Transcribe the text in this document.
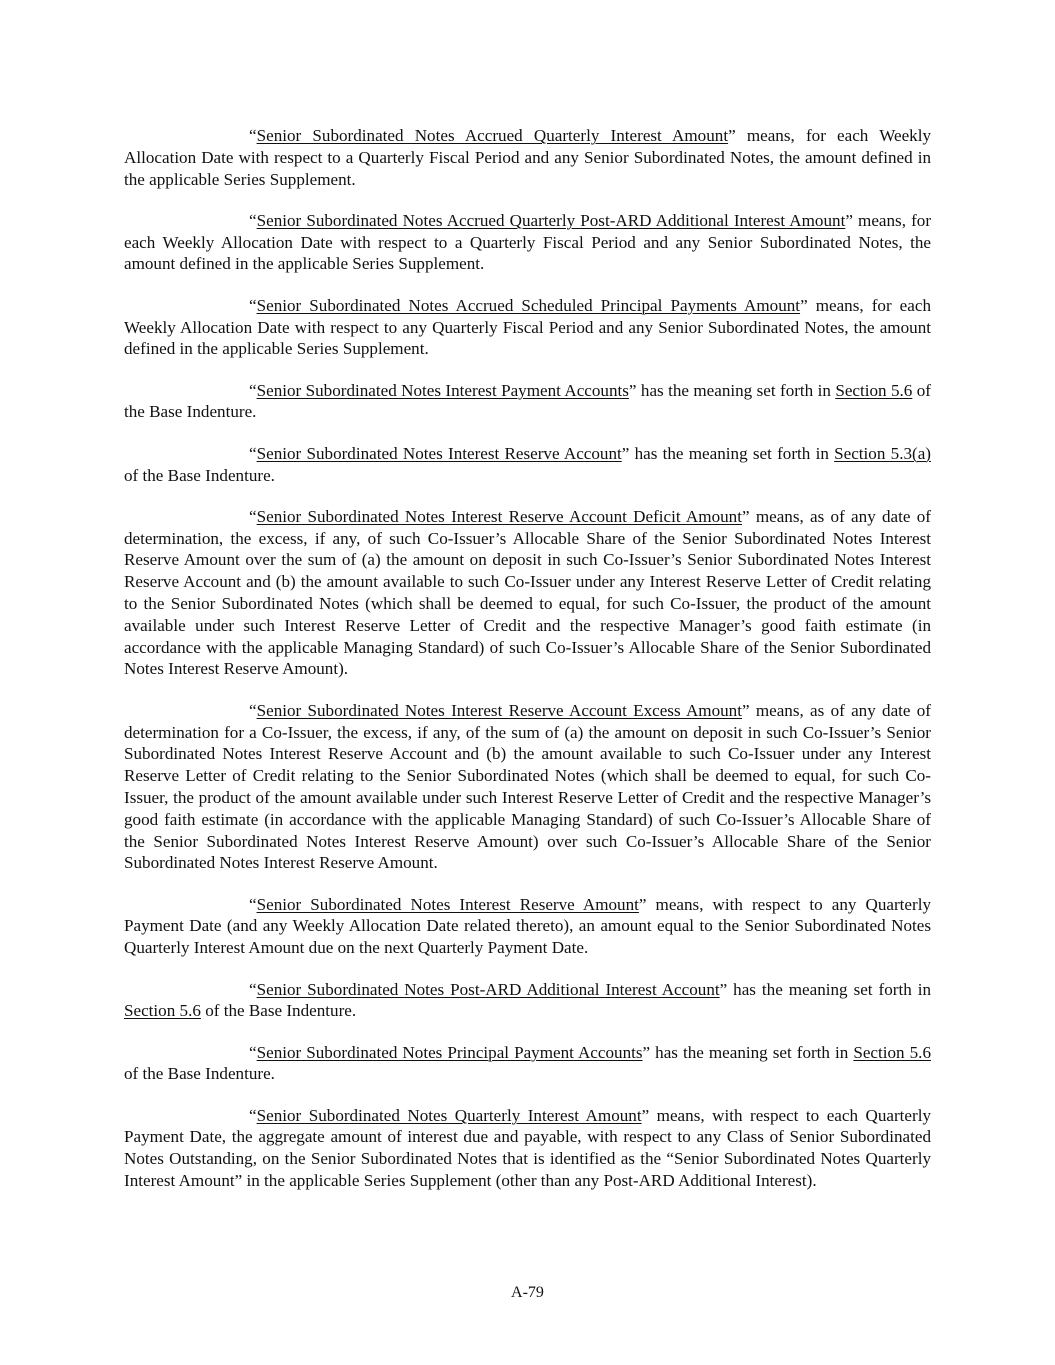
“Senior Subordinated Notes Accrued Quarterly Interest Amount” means, for each Weekly Allocation Date with respect to a Quarterly Fiscal Period and any Senior Subordinated Notes, the amount defined in the applicable Series Supplement.

“Senior Subordinated Notes Accrued Quarterly Post-ARD Additional Interest Amount” means, for each Weekly Allocation Date with respect to a Quarterly Fiscal Period and any Senior Subordinated Notes, the amount defined in the applicable Series Supplement.

“Senior Subordinated Notes Accrued Scheduled Principal Payments Amount” means, for each Weekly Allocation Date with respect to any Quarterly Fiscal Period and any Senior Subordinated Notes, the amount defined in the applicable Series Supplement.

“Senior Subordinated Notes Interest Payment Accounts” has the meaning set forth in Section 5.6 of the Base Indenture.

“Senior Subordinated Notes Interest Reserve Account” has the meaning set forth in Section 5.3(a) of the Base Indenture.

“Senior Subordinated Notes Interest Reserve Account Deficit Amount” means, as of any date of determination, the excess, if any, of such Co-Issuer’s Allocable Share of the Senior Subordinated Notes Interest Reserve Amount over the sum of (a) the amount on deposit in such Co-Issuer’s Senior Subordinated Notes Interest Reserve Account and (b) the amount available to such Co-Issuer under any Interest Reserve Letter of Credit relating to the Senior Subordinated Notes (which shall be deemed to equal, for such Co-Issuer, the product of the amount available under such Interest Reserve Letter of Credit and the respective Manager’s good faith estimate (in accordance with the applicable Managing Standard) of such Co-Issuer’s Allocable Share of the Senior Subordinated Notes Interest Reserve Amount).

“Senior Subordinated Notes Interest Reserve Account Excess Amount” means, as of any date of determination for a Co-Issuer, the excess, if any, of the sum of (a) the amount on deposit in such Co-Issuer’s Senior Subordinated Notes Interest Reserve Account and (b) the amount available to such Co-Issuer under any Interest Reserve Letter of Credit relating to the Senior Subordinated Notes (which shall be deemed to equal, for such Co-Issuer, the product of the amount available under such Interest Reserve Letter of Credit and the respective Manager’s good faith estimate (in accordance with the applicable Managing Standard) of such Co-Issuer’s Allocable Share of the Senior Subordinated Notes Interest Reserve Amount) over such Co-Issuer’s Allocable Share of the Senior Subordinated Notes Interest Reserve Amount.

“Senior Subordinated Notes Interest Reserve Amount” means, with respect to any Quarterly Payment Date (and any Weekly Allocation Date related thereto), an amount equal to the Senior Subordinated Notes Quarterly Interest Amount due on the next Quarterly Payment Date.

“Senior Subordinated Notes Post-ARD Additional Interest Account” has the meaning set forth in Section 5.6 of the Base Indenture.

“Senior Subordinated Notes Principal Payment Accounts” has the meaning set forth in Section 5.6 of the Base Indenture.

“Senior Subordinated Notes Quarterly Interest Amount” means, with respect to each Quarterly Payment Date, the aggregate amount of interest due and payable, with respect to any Class of Senior Subordinated Notes Outstanding, on the Senior Subordinated Notes that is identified as the “Senior Subordinated Notes Quarterly Interest Amount” in the applicable Series Supplement (other than any Post-ARD Additional Interest).

A-79
